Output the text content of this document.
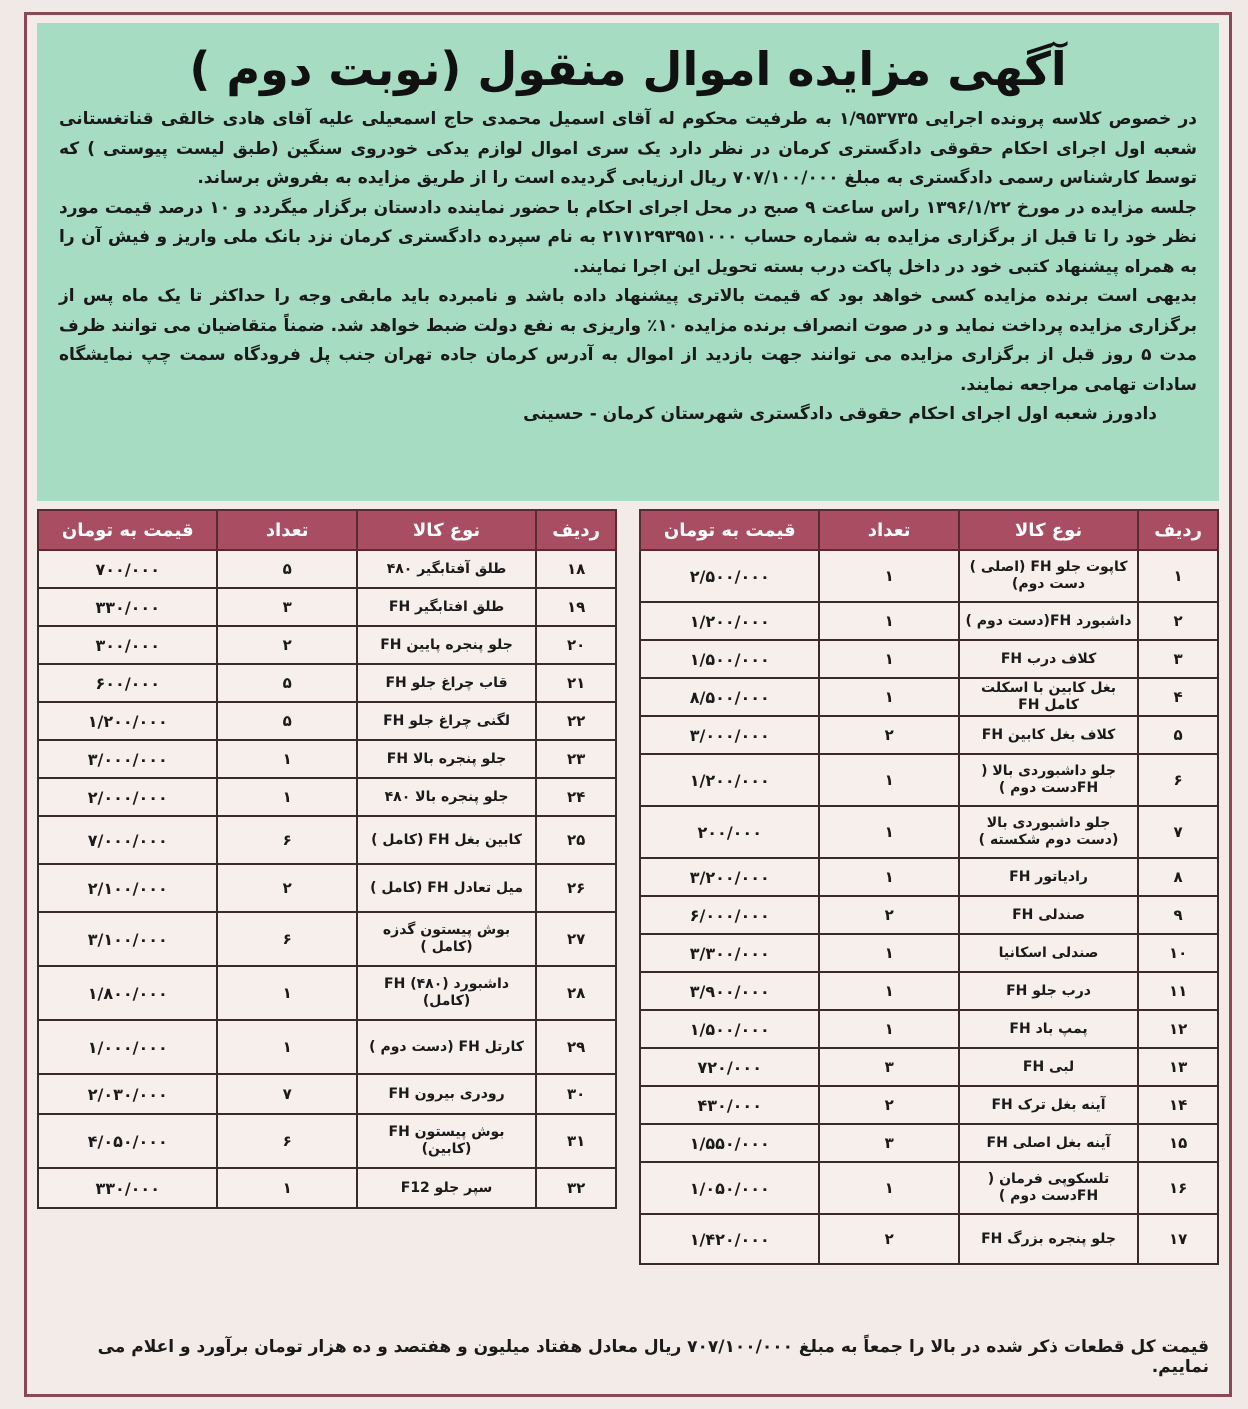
آگهی مزایده اموال منقول (نوبت دوم )

در خصوص کلاسه پرونده اجرایی ۱/۹۵۳۷۳۵ به طرفیت محکوم له آقای اسمیل محمدی حاج اسمعیلی علیه آقای هادی خالقی قناتغستانی شعبه اول اجرای احکام حقوقی دادگستری کرمان در نظر دارد یک سری اموال لوازم یدکی خودروی سنگین (طبق لیست پیوستی ) که توسط کارشناس رسمی دادگستری به مبلغ ۷۰۷/۱۰۰/۰۰۰ ریال ارزیابی گردیده است را از طریق مزایده به بفروش برساند.

جلسه مزایده در مورخ ۱۳۹۶/۱/۲۲ راس ساعت ۹ صبح در محل اجرای احکام با حضور نماینده دادستان برگزار میگردد و ۱۰ درصد قیمت مورد نظر خود را تا قبل از برگزاری مزایده به شماره حساب ۲۱۷۱۲۹۳۹۵۱۰۰۰ به نام سپرده دادگستری کرمان نزد بانک ملی واریز و فیش آن را به همراه پیشنهاد کتبی خود در داخل پاکت درب بسته تحویل این اجرا نمایند.

بدیهی است برنده مزایده کسی خواهد بود که قیمت بالاتری پیشنهاد داده باشد و نامبرده باید مابقی وجه را حداکثر تا یک ماه پس از برگزاری مزایده پرداخت نماید و در صوت انصراف برنده مزایده ۱۰٪ واریزی به نفع دولت ضبط خواهد شد. ضمناً متقاضیان می توانند ظرف مدت ۵ روز قبل از برگزاری مزایده می توانند جهت بازدید از اموال به آدرس کرمان جاده تهران جنب پل فرودگاه سمت چپ نمایشگاه سادات تهامی مراجعه نمایند.

دادورز شعبه اول اجرای احکام حقوقی دادگستری شهرستان کرمان - حسینی
ردیف	نوع کالا	تعداد	قیمت به تومان
۱	کاپوت جلو FH (اصلی ) دست دوم)	۱	۲/۵۰۰/۰۰۰
۲	داشبورد FH(دست دوم )	۱	۱/۲۰۰/۰۰۰
۳	کلاف درب FH	۱	۱/۵۰۰/۰۰۰
۴	بغل کابین با اسکلت کامل FH	۱	۸/۵۰۰/۰۰۰
۵	کلاف بغل کابین FH	۲	۳/۰۰۰/۰۰۰
۶	جلو داشبوردی بالا ( FHدست دوم )	۱	۱/۲۰۰/۰۰۰
۷	جلو داشبوردی بالا (دست دوم شکسته )	۱	۲۰۰/۰۰۰
۸	رادیاتور FH	۱	۳/۲۰۰/۰۰۰
۹	صندلی FH	۲	۶/۰۰۰/۰۰۰
۱۰	صندلی اسکانیا	۱	۳/۳۰۰/۰۰۰
۱۱	درب جلو FH	۱	۳/۹۰۰/۰۰۰
۱۲	پمپ باد FH	۱	۱/۵۰۰/۰۰۰
۱۳	لبی FH	۳	۷۲۰/۰۰۰
۱۴	آینه بغل ترک FH	۲	۴۳۰/۰۰۰
۱۵	آینه بغل اصلی FH	۳	۱/۵۵۰/۰۰۰
۱۶	تلسکوپی فرمان ( FHدست دوم )	۱	۱/۰۵۰/۰۰۰
۱۷	جلو پنجره بزرگ FH	۲	۱/۴۲۰/۰۰۰
ردیف	نوع کالا	تعداد	قیمت به تومان
۱۸	طلق آفتابگیر ۴۸۰	۵	۷۰۰/۰۰۰
۱۹	طلق افتابگیر FH	۳	۳۳۰/۰۰۰
۲۰	جلو پنجره پایین FH	۲	۳۰۰/۰۰۰
۲۱	قاب چراغ جلو FH	۵	۶۰۰/۰۰۰
۲۲	لگنی چراغ جلو FH	۵	۱/۲۰۰/۰۰۰
۲۳	جلو پنجره بالا FH	۱	۳/۰۰۰/۰۰۰
۲۴	جلو پنجره بالا ۴۸۰	۱	۲/۰۰۰/۰۰۰
۲۵	کابین بغل FH (کامل )	۶	۷/۰۰۰/۰۰۰
۲۶	میل تعادل FH (کامل )	۲	۲/۱۰۰/۰۰۰
۲۷	بوش پیستون گدزه (کامل )	۶	۳/۱۰۰/۰۰۰
۲۸	داشبورد FH (۴۸۰) (کامل)	۱	۱/۸۰۰/۰۰۰
۲۹	کارتل FH (دست دوم )	۱	۱/۰۰۰/۰۰۰
۳۰	رودری بیرون FH	۷	۲/۰۳۰/۰۰۰
۳۱	بوش پیستون FH (کابین)	۶	۴/۰۵۰/۰۰۰
۳۲	سپر جلو F12	۱	۳۳۰/۰۰۰
قیمت کل قطعات ذکر شده در بالا را جمعاً به مبلغ ۷۰۷/۱۰۰/۰۰۰ ریال معادل هفتاد میلیون و هفتصد و ده هزار تومان برآورد و اعلام می نماییم.
